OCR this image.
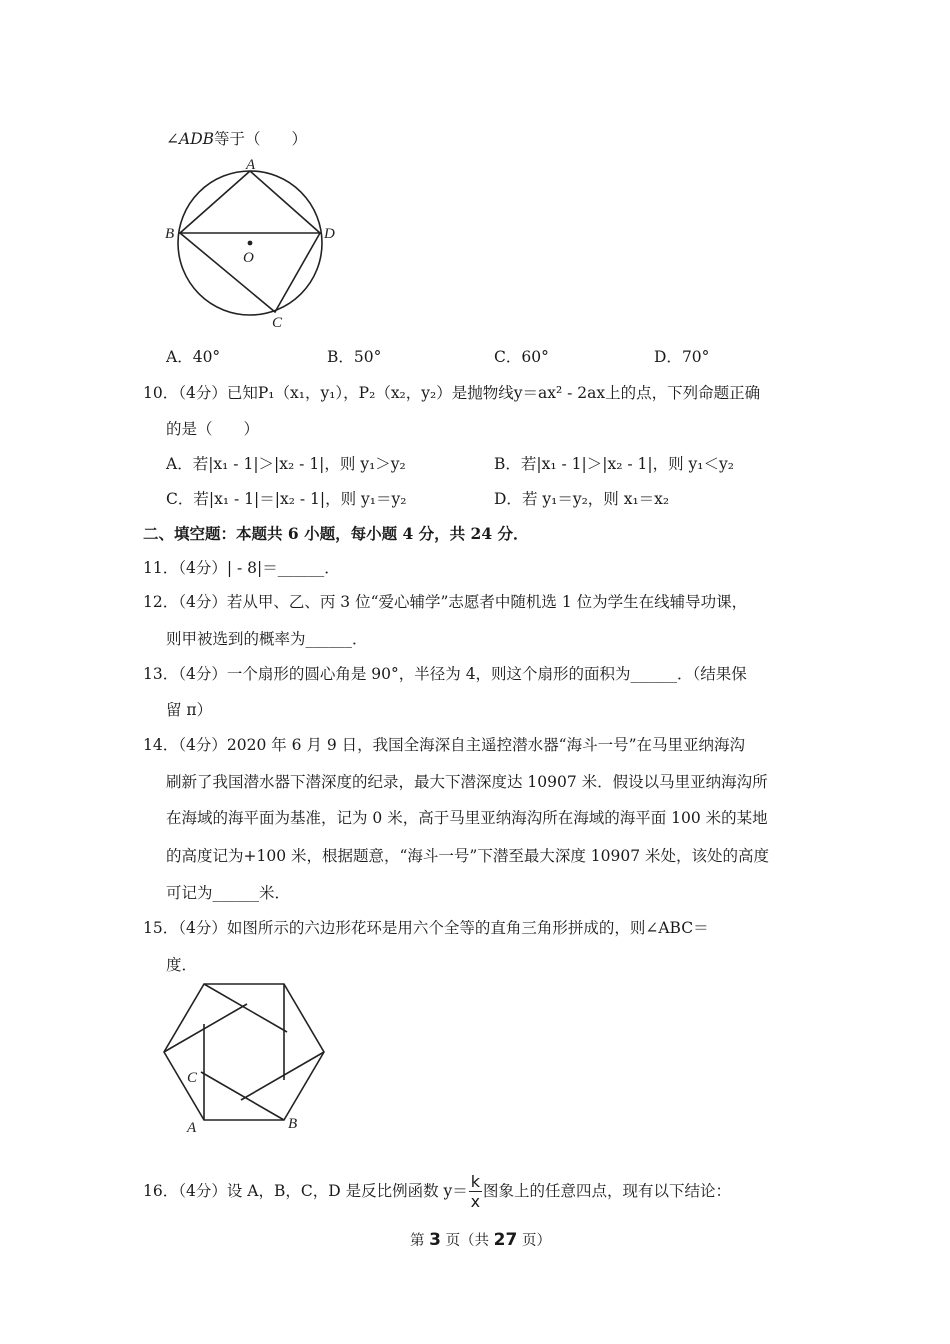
∠ADB等于（　　）
A
B	D
O
C
A．40°	B．50°	C．60°	D．70°
10．（4分）已知P₁（x₁，y₁），P₂（x₂，y₂）是抛物线y＝ax² - 2ax上的点，下列命题正确
的是（　　）
A．若|x₁ - 1|＞|x₂ - 1|，则 y₁＞y₂	B．若|x₁ - 1|＞|x₂ - 1|，则 y₁＜y₂
C．若|x₁ - 1|＝|x₂ - 1|，则 y₁＝y₂	D．若 y₁＝y₂，则 x₁＝x₂
二、填空题：本题共 6 小题，每小题 4 分，共 24 分．
11．（4分）| - 8|＝______．
12．（4分）若从甲、乙、丙 3 位“爱心辅学”志愿者中随机选 1 位为学生在线辅导功课，
则甲被选到的概率为______．
13．（4分）一个扇形的圆心角是 90°，半径为 4，则这个扇形的面积为______．（结果保
留 π）
14．（4分）2020 年 6 月 9 日，我国全海深自主遥控潜水器“海斗一号”在马里亚纳海沟
刷新了我国潜水器下潜深度的纪录，最大下潜深度达 10907 米．假设以马里亚纳海沟所
在海域的海平面为基准，记为 0 米，高于马里亚纳海沟所在海域的海平面 100 米的某地
的高度记为+100 米，根据题意，“海斗一号”下潜至最大深度 10907 米处，该处的高度
可记为______米．
15．（4分）如图所示的六边形花环是用六个全等的直角三角形拼成的，则∠ABC＝
度．
C
A	B
16．（4分）设 A，B，C，D 是反比例函数 $y= \frac{k}{x}$ 图象上的任意四点，现有以下结论：
第 3 页（共 27 页）
